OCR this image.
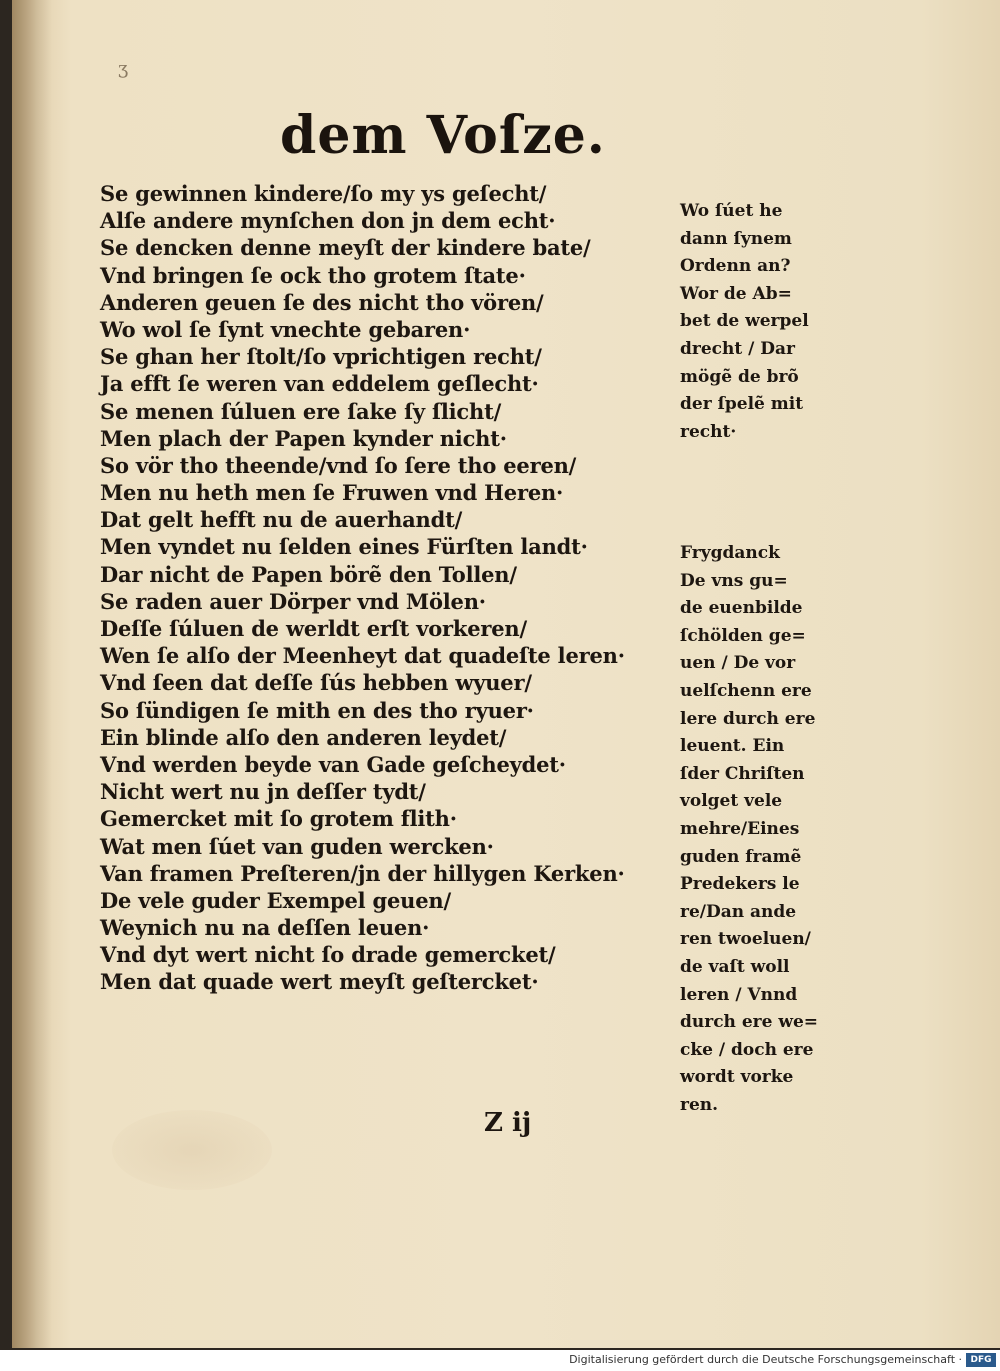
ʒ
dem Voſze.
Se gewinnen kindere/ſo my ys geſecht/
Alſe andere mynſchen don jn dem echt·
Se dencken denne meyſt der kindere bate/
Vnd bringen ſe ock tho grotem ſtate·
Anderen geuen ſe des nicht tho vören/
Wo wol ſe ſynt vnechte gebaren·
Se ghan her ſtolt/ſo vprichtigen recht/
Ja efft ſe weren van eddelem geſlecht·
Se menen ſúluen ere ſake ſy ſlicht/
Men plach der Papen kynder nicht·
So vör tho theende/vnd ſo ſere tho eeren/
Men nu heth men ſe Fruwen vnd Heren·
Dat gelt hefft nu de auerhandt/
Men vyndet nu ſelden eines Fürſten landt·
Dar nicht de Papen börẽ den Tollen/
Se raden auer Dörper vnd Mölen·
Deſſe ſúluen de werldt erſt vorkeren/
Wen ſe alſo der Meenheyt dat quadeſte leren·
Vnd ſeen dat deſſe ſús hebben wyuer/
So ſündigen ſe mith en des tho ryuer·
Ein blinde alſo den anderen leydet/
Vnd werden beyde van Gade geſcheydet·
Nicht wert nu jn deſſer tydt/
Gemercket mit ſo grotem flith·
Wat men ſúet van guden wercken·
Van framen Preſteren/jn der hillygen Kerken·
De vele guder Exempel geuen/
Weynich nu na deſſen leuen·
Vnd dyt wert nicht ſo drade gemercket/
Men dat quade wert meyſt geſtercket·
Wo ſúet he
dann ſynem
Ordenn an?
Wor de Ab=
bet de werpel
drecht / Dar
mögẽ de brõ
der ſpelẽ mit
recht·
Frygdanck
De vns gu=
de euenbilde
ſchölden ge=
uen / De vor
uelſchenn ere
lere durch ere
leuent. Ein
ſder Chriſten
volget vele
mehre/Eines
guden framẽ
Predekers le
re/Dan ande
ren twoeluen/
de vaſt woll
leren / Vnnd
durch ere we=
cke / doch ere
wordt vorke
ren.
Z ij
Digitalisierung gefördert durch die Deutsche Forschungsgemeinschaft · DFG
